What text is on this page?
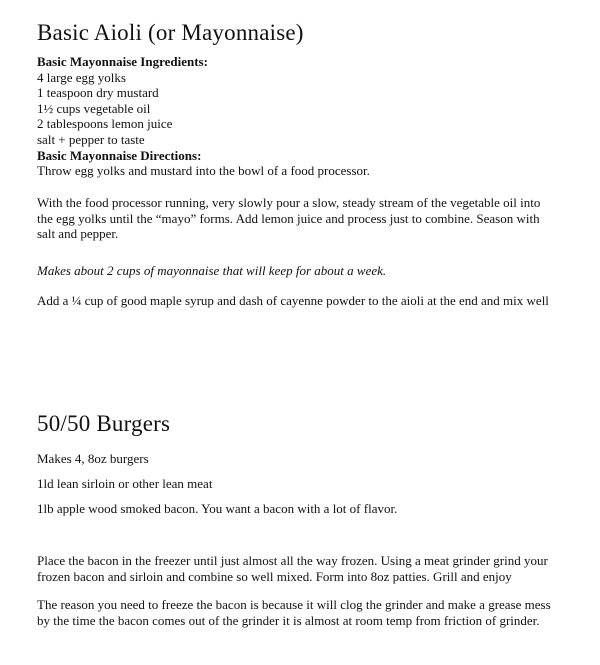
Basic Aioli (or Mayonnaise)
Basic Mayonnaise Ingredients:
4 large egg yolks
1 teaspoon dry mustard
1½ cups vegetable oil
2 tablespoons lemon juice
salt + pepper to taste
Basic Mayonnaise Directions:
Throw egg yolks and mustard into the bowl of a food processor.
With the food processor running, very slowly pour a slow, steady stream of the vegetable oil into
the egg yolks until the “mayo” forms. Add lemon juice and process just to combine. Season with
salt and pepper.
Makes about 2 cups of mayonnaise that will keep for about a week.
Add a ¼ cup of good maple syrup and dash of cayenne powder to the aioli at the end and mix well
50/50 Burgers
Makes 4, 8oz burgers
1ld lean sirloin or other lean meat
1lb apple wood smoked bacon. You want a bacon with a lot of flavor.
Place the bacon in the freezer until just almost all the way frozen. Using a meat grinder grind your
frozen bacon and sirloin and combine so well mixed. Form into 8oz patties. Grill and enjoy
The reason you need to freeze the bacon is because it will clog the grinder and make a grease mess
by the time the bacon comes out of the grinder it is almost at room temp from friction of grinder.
